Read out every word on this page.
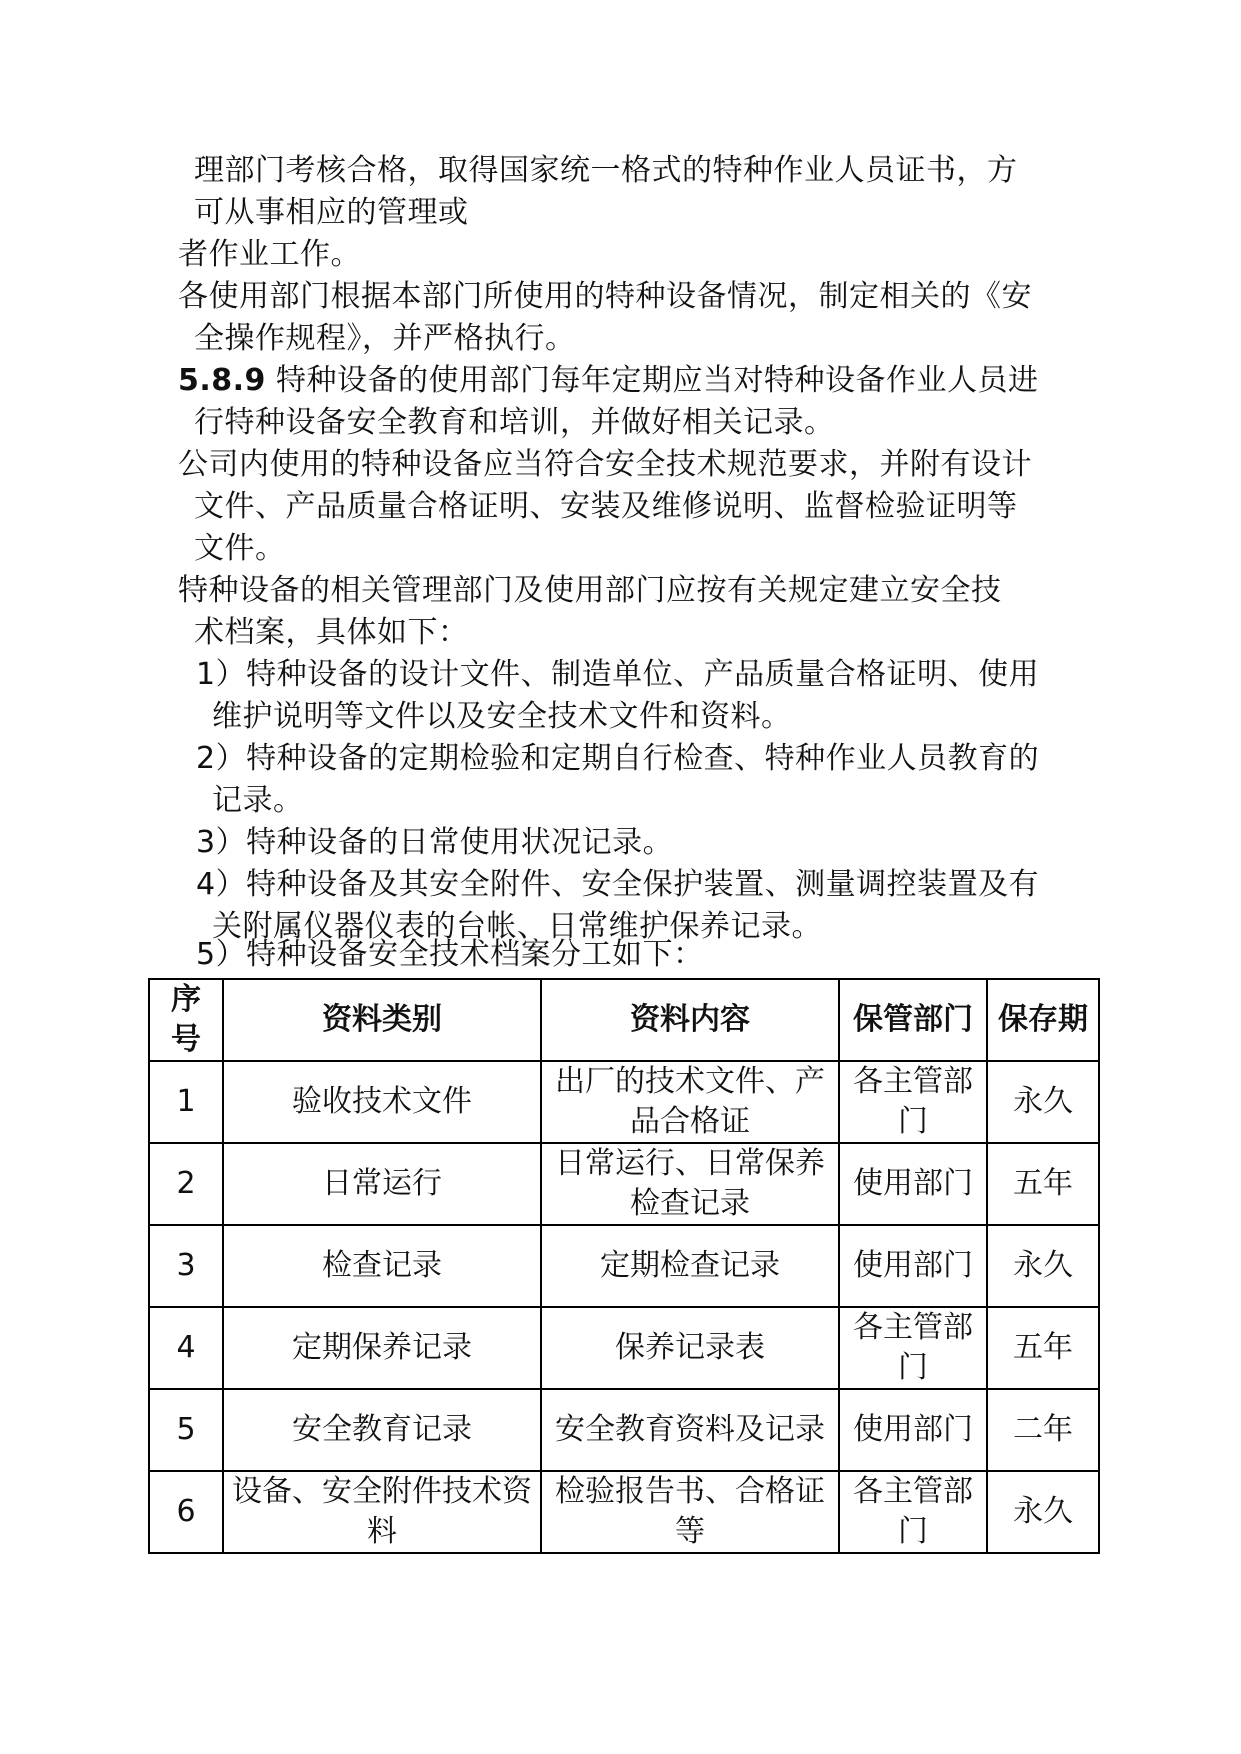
理部门考核合格，取得国家统一格式的特种作业人员证书，方
可从事相应的管理或
者作业工作。

各使用部门根据本部门所使用的特种设备情况，制定相关的《安
全操作规程》，并严格执行。

5.8.9 特种设备的使用部门每年定期应当对特种设备作业人员进
行特种设备安全教育和培训，并做好相关记录。

公司内使用的特种设备应当符合安全技术规范要求，并附有设计
文件、产品质量合格证明、安装及维修说明、监督检验证明等
文件。

特种设备的相关管理部门及使用部门应按有关规定建立安全技
术档案，具体如下：

1）特种设备的设计文件、制造单位、产品质量合格证明、使用
维护说明等文件以及安全技术文件和资料。

2）特种设备的定期检验和定期自行检查、特种作业人员教育的
记录。

3）特种设备的日常使用状况记录。

4）特种设备及其安全附件、安全保护装置、测量调控装置及有
关附属仪器仪表的台帐、日常维护保养记录。

5）特种设备安全技术档案分工如下：

序号	资料类别	资料内容	保管部门	保存期
1	验收技术文件	出厂的技术文件、产品合格证	各主管部门	永久
2	日常运行	日常运行、日常保养检查记录	使用部门	五年
3	检查记录	定期检查记录	使用部门	永久
4	定期保养记录	保养记录表	各主管部门	五年
5	安全教育记录	安全教育资料及记录	使用部门	二年
6	设备、安全附件技术资料	检验报告书、合格证等	各主管部门	永久
